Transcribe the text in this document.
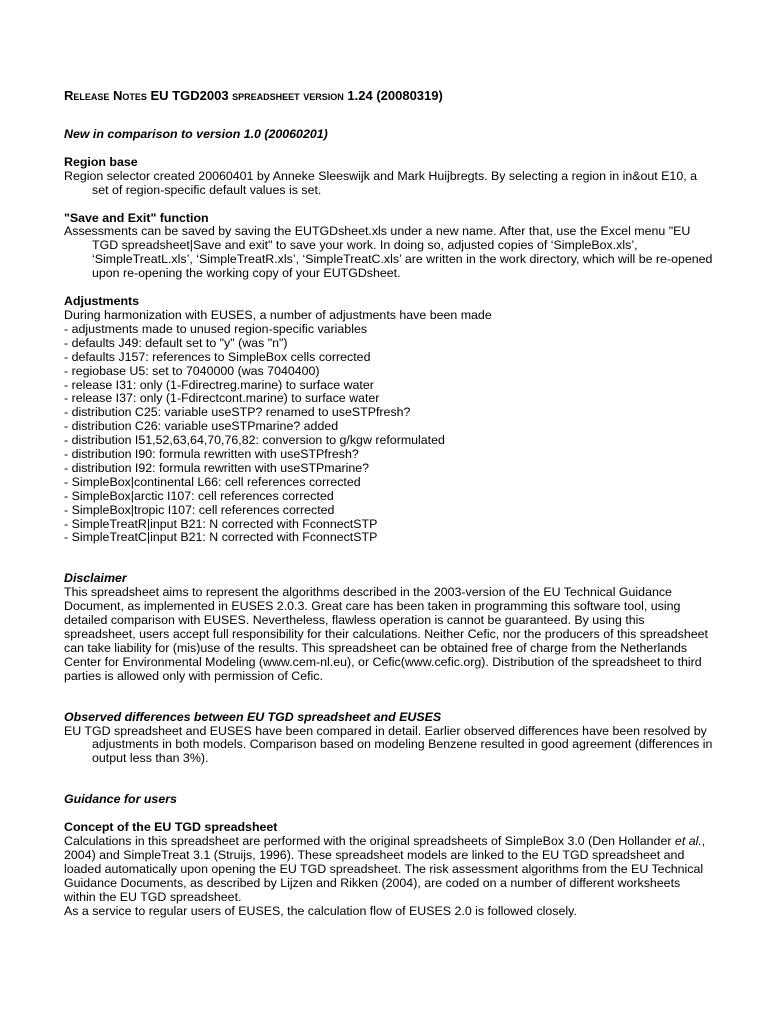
Release Notes EU TGD2003 spreadsheet version 1.24 (20080319)

New in comparison to version 1.0 (20060201)

Region base

Region selector created 20060401 by Anneke Sleeswijk and Mark Huijbregts. By selecting a region in in&out E10, a set of region-specific default values is set.

"Save and Exit" function

Assessments can be saved by saving the EUTGDsheet.xls under a new name. After that, use the Excel menu "EU TGD spreadsheet|Save and exit" to save your work. In doing so, adjusted copies of ‘SimpleBox.xls’, ‘SimpleTreatL.xls’, ‘SimpleTreatR.xls’, ‘SimpleTreatC.xls’ are written in the work directory, which will be re-opened upon re-opening the working copy of your EUTGDsheet.

Adjustments

During harmonization with EUSES, a number of adjustments have been made

- adjustments made to unused region-specific variables
- defaults J49: default set to "y" (was "n")
- defaults J157: references to SimpleBox cells corrected
- regiobase U5: set to 7040000 (was 7040400)
- release I31: only (1-Fdirectreg.marine) to surface water
- release I37: only (1-Fdirectcont.marine) to surface water
- distribution C25: variable useSTP? renamed to useSTPfresh?
- distribution C26: variable useSTPmarine? added
- distribution I51,52,63,64,70,76,82: conversion to g/kgw reformulated
- distribution I90: formula rewritten with useSTPfresh?
- distribution I92: formula rewritten with useSTPmarine?
- SimpleBox|continental L66: cell references corrected
- SimpleBox|arctic I107: cell references corrected
- SimpleBox|tropic I107: cell references corrected
- SimpleTreatR|input B21: N corrected with FconnectSTP
- SimpleTreatC|input B21: N corrected with FconnectSTP

Disclaimer

This spreadsheet aims to represent the algorithms described in the 2003-version of the EU Technical Guidance Document, as implemented in EUSES 2.0.3. Great care has been taken in programming this software tool, using detailed comparison with EUSES. Nevertheless, flawless operation is cannot be guaranteed. By using this spreadsheet, users accept full responsibility for their calculations. Neither Cefic, nor the producers of this spreadsheet can take liability for (mis)use of the results. This spreadsheet can be obtained free of charge from the Netherlands Center for Environmental Modeling (www.cem-nl.eu), or Cefic(www.cefic.org). Distribution of the spreadsheet to third parties is allowed only with permission of Cefic.

Observed differences between EU TGD spreadsheet and EUSES

EU TGD spreadsheet and EUSES have been compared in detail. Earlier observed differences have been resolved by adjustments in both models. Comparison based on modeling Benzene resulted in good agreement (differences in output less than 3%).

Guidance for users

Concept of the EU TGD spreadsheet

Calculations in this spreadsheet are performed with the original spreadsheets of SimpleBox 3.0 (Den Hollander et al., 2004) and SimpleTreat 3.1 (Struijs, 1996). These spreadsheet models are linked to the EU TGD spreadsheet and loaded automatically upon opening the EU TGD spreadsheet. The risk assessment algorithms from the EU Technical Guidance Documents, as described by Lijzen and Rikken (2004), are coded on a number of different worksheets within the EU TGD spreadsheet.

As a service to regular users of EUSES, the calculation flow of EUSES 2.0 is followed closely.
